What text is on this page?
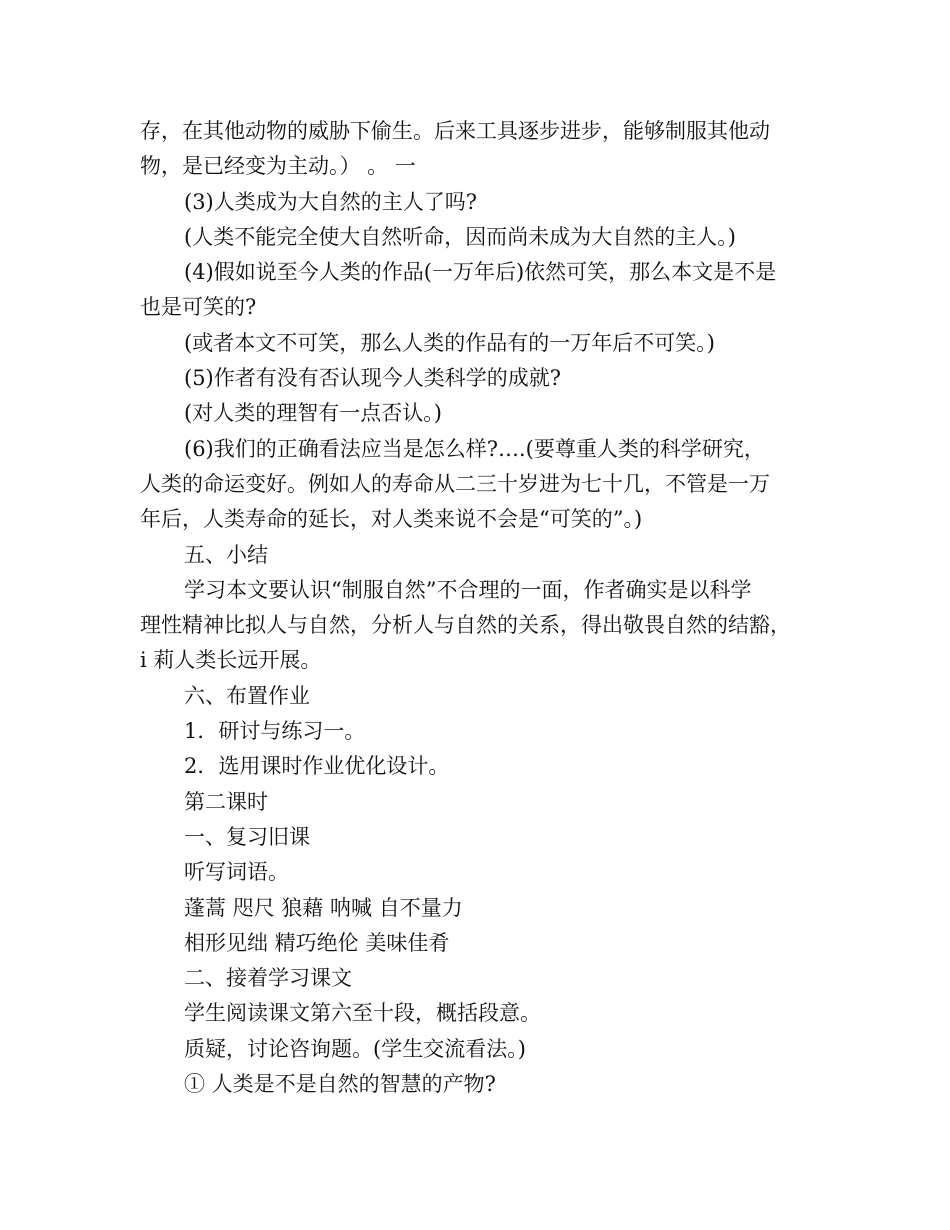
存，在其他动物的威胁下偷生。后来工具逐步进步，能够制服其他动
物，是已经变为主动。） 。 一
(3)人类成为大自然的主人了吗?
(人类不能完全使大自然听命，因而尚未成为大自然的主人。)
(4)假如说至今人类的作品(一万年后)依然可笑，那么本文是不是
也是可笑的?
(或者本文不可笑，那么人类的作品有的一万年后不可笑。)
(5)作者有没有否认现今人类科学的成就?
(对人类的理智有一点否认。)
(6)我们的正确看法应当是怎么样?….(要尊重人类的科学研究，
人类的命运变好。例如人的寿命从二三十岁进为七十几，不管是一万
年后，人类寿命的延长，对人类来说不会是“可笑的”。)
五、小结
学习本文要认识“制服自然”不合理的一面，作者确实是以科学
理性精神比拟人与自然，分析人与自然的关系，得出敬畏自然的结豁，
i 莉人类长远开展。
六、布置作业
1．研讨与练习一。
2．选用课时作业优化设计。
第二课时
一、复习旧课
听写词语。
蓬蒿 咫尺 狼藉 呐喊 自不量力
相形见绌 精巧绝伦 美味佳肴
二、接着学习课文
学生阅读课文第六至十段，概括段意。
质疑，讨论咨询题。(学生交流看法。)
① 人类是不是自然的智慧的产物?
